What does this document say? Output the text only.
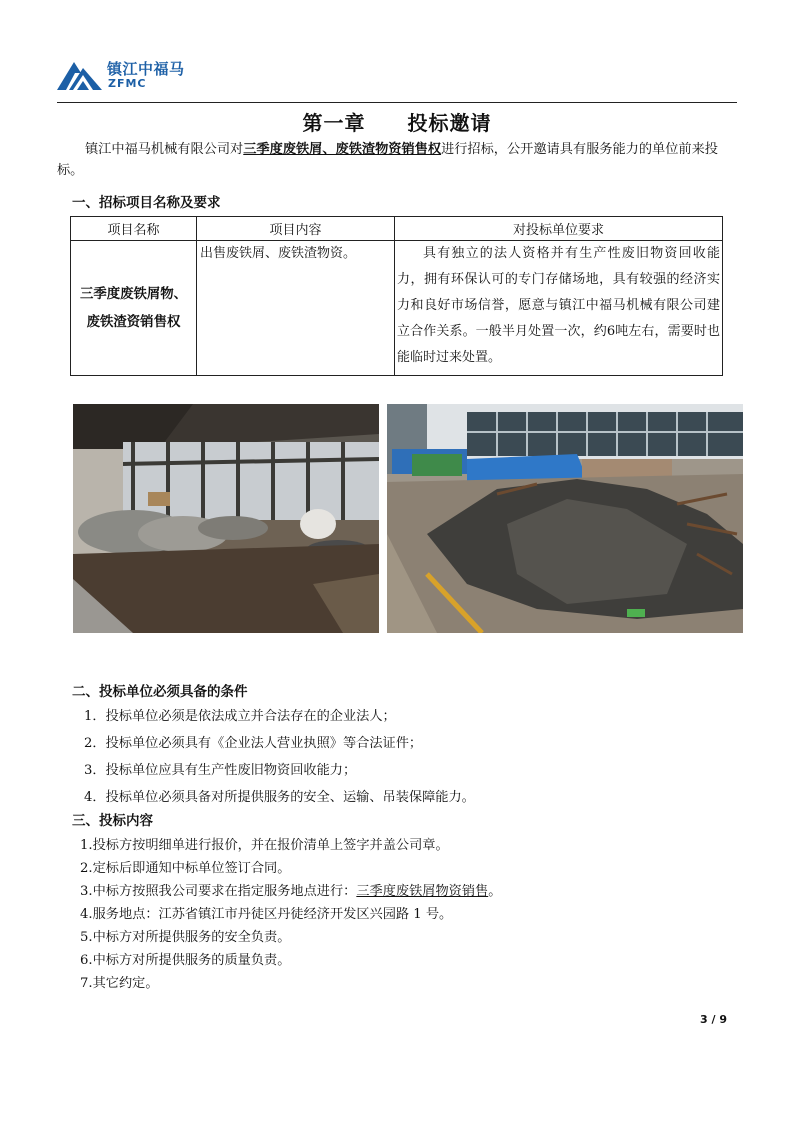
镇江中福马
ZFMC
第一章　　投标邀请
镇江中福马机械有限公司对三季度废铁屑、废铁渣物资销售权进行招标，公开邀请具有服务能力的单位前来投标。
一、招标项目名称及要求
项目名称	项目内容	对投标单位要求
三季度废铁屑物、废铁渣资销售权	出售废铁屑、废铁渣物资。	具有独立的法人资格并有生产性废旧物资回收能力，拥有环保认可的专门存储场地，具有较强的经济实力和良好市场信誉，愿意与镇江中福马机械有限公司建立合作关系。一般半月处置一次，约6吨左右，需要时也能临时过来处置。
二、投标单位必须具备的条件
1．投标单位必须是依法成立并合法存在的企业法人；
2．投标单位必须具有《企业法人营业执照》等合法证件；
3．投标单位应具有生产性废旧物资回收能力；
4．投标单位必须具备对所提供服务的安全、运输、吊装保障能力。
三、投标内容
1.投标方按明细单进行报价，并在报价清单上签字并盖公司章。
2.定标后即通知中标单位签订合同。
3.中标方按照我公司要求在指定服务地点进行：三季度废铁屑物资销售。
4.服务地点：江苏省镇江市丹徒区丹徒经济开发区兴园路 1 号。
5.中标方对所提供服务的安全负责。
6.中标方对所提供服务的质量负责。
7.其它约定。
3 / 9
